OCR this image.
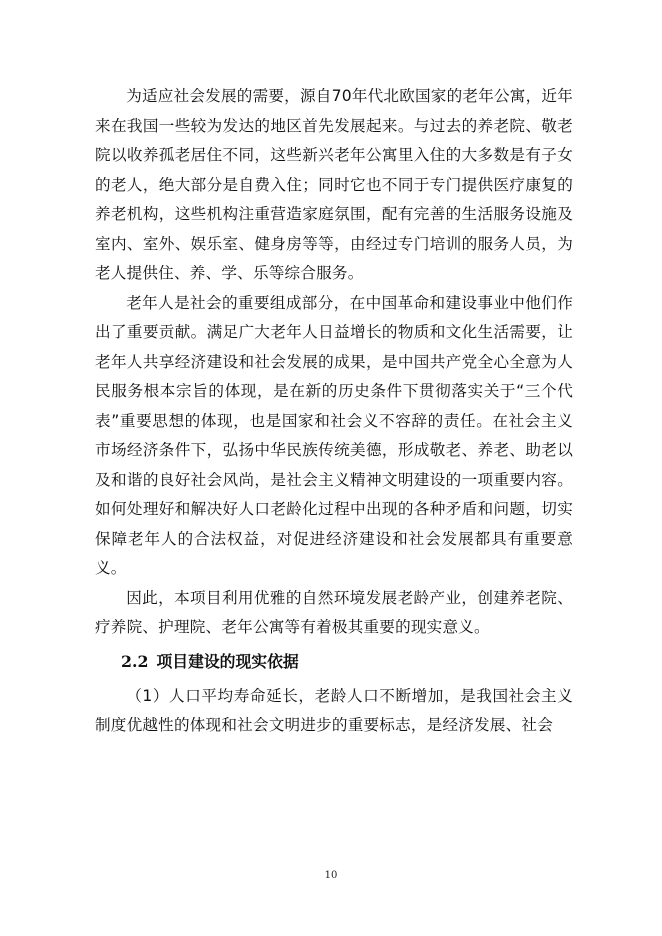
为适应社会发展的需要，源自70年代北欧国家的老年公寓，近年来在我国一些较为发达的地区首先发展起来。与过去的养老院、敬老院以收养孤老居住不同，这些新兴老年公寓里入住的大多数是有子女的老人，绝大部分是自费入住；同时它也不同于专门提供医疗康复的养老机构，这些机构注重营造家庭氛围，配有完善的生活服务设施及室内、室外、娱乐室、健身房等等，由经过专门培训的服务人员，为老人提供住、养、学、乐等综合服务。

老年人是社会的重要组成部分，在中国革命和建设事业中他们作出了重要贡献。满足广大老年人日益增长的物质和文化生活需要，让老年人共享经济建设和社会发展的成果，是中国共产党全心全意为人民服务根本宗旨的体现，是在新的历史条件下贯彻落实关于“三个代表”重要思想的体现，也是国家和社会义不容辞的责任。在社会主义市场经济条件下，弘扬中华民族传统美德，形成敬老、养老、助老以及和谐的良好社会风尚，是社会主义精神文明建设的一项重要内容。如何处理好和解决好人口老龄化过程中出现的各种矛盾和问题，切实保障老年人的合法权益，对促进经济建设和社会发展都具有重要意义。

因此，本项目利用优雅的自然环境发展老龄产业，创建养老院、疗养院、护理院、老年公寓等有着极其重要的现实意义。

2.2 项目建设的现实依据

（1）人口平均寿命延长，老龄人口不断增加，是我国社会主义制度优越性的体现和社会文明进步的重要标志，是经济发展、社会

10
